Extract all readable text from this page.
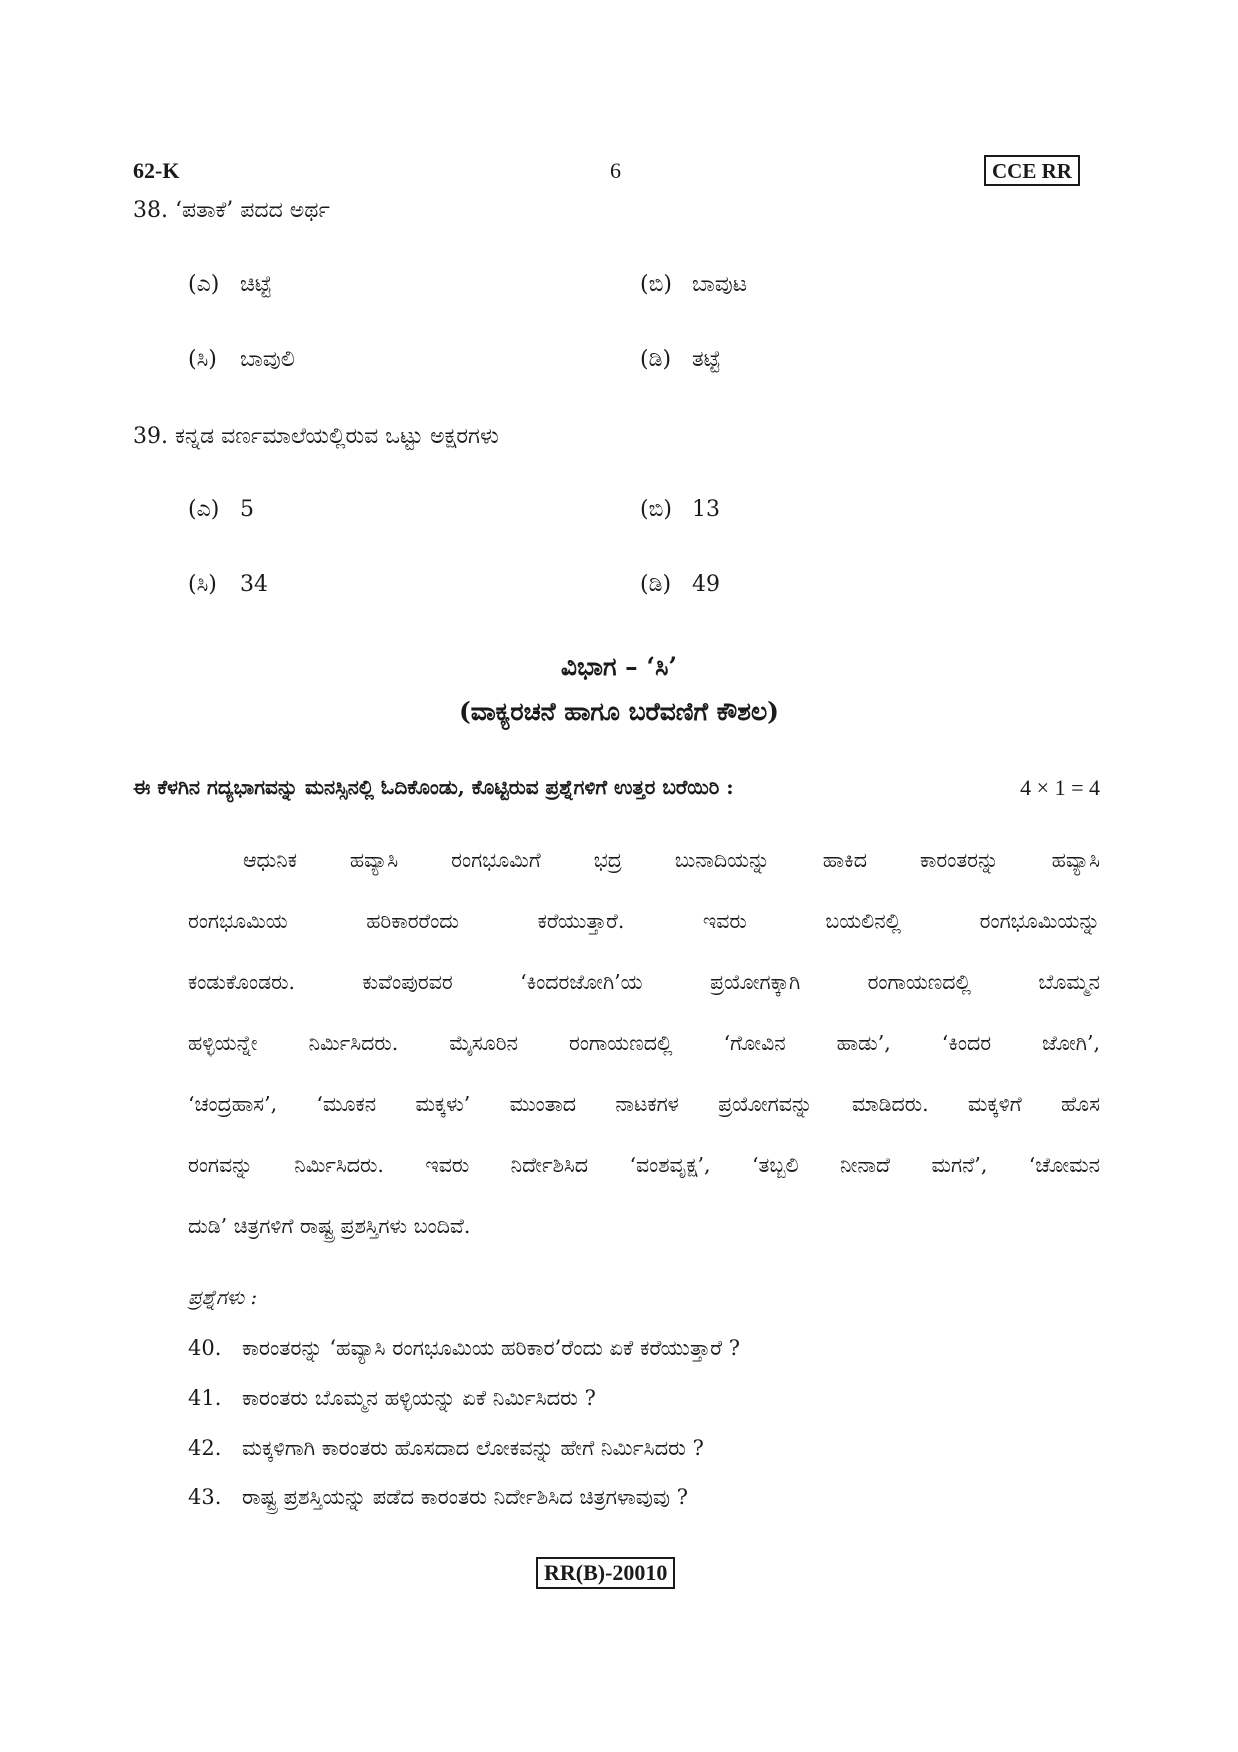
62-K	6	CCE RR
38. ‘ಪತಾಕೆ’ ಪದದ ಅರ್ಥ
(ಎ) ಚಿಟ್ಟೆ	(ಬಿ) ಬಾವುಟ
(ಸಿ) ಬಾವುಲಿ	(ಡಿ) ತಟ್ಟೆ
39. ಕನ್ನಡ ವರ್ಣಮಾಲೆಯಲ್ಲಿರುವ ಒಟ್ಟು ಅಕ್ಷರಗಳು
(ಎ) 5	(ಬಿ) 13
(ಸಿ) 34	(ಡಿ) 49
ವಿಭಾಗ – ‘ಸಿ’
(ವಾಕ್ಯರಚನೆ ಹಾಗೂ ಬರೆವಣಿಗೆ ಕೌಶಲ)
ಈ ಕೆಳಗಿನ ಗದ್ಯಭಾಗವನ್ನು ಮನಸ್ಸಿನಲ್ಲಿ ಓದಿಕೊಂಡು, ಕೊಟ್ಟಿರುವ ಪ್ರಶ್ನೆಗಳಿಗೆ ಉತ್ತರ ಬರೆಯಿರಿ :	4 × 1 = 4
ಆಧುನಿಕ ಹವ್ಯಾಸಿ ರಂಗಭೂಮಿಗೆ ಭದ್ರ ಬುನಾದಿಯನ್ನು ಹಾಕಿದ ಕಾರಂತರನ್ನು ಹವ್ಯಾಸಿ
ರಂಗಭೂಮಿಯ ಹರಿಕಾರರೆಂದು ಕರೆಯುತ್ತಾರೆ. ಇವರು ಬಯಲಿನಲ್ಲಿ ರಂಗಭೂಮಿಯನ್ನು
ಕಂಡುಕೊಂಡರು. ಕುವೆಂಪುರವರ ‘ಕಿಂದರಜೋಗಿ’ಯ ಪ್ರಯೋಗಕ್ಕಾಗಿ ರಂಗಾಯಣದಲ್ಲಿ ಬೊಮ್ಮನ
ಹಳ್ಳಿಯನ್ನೇ ನಿರ್ಮಿಸಿದರು. ಮೈಸೂರಿನ ರಂಗಾಯಣದಲ್ಲಿ ‘ಗೋವಿನ ಹಾಡು’, ‘ಕಿಂದರ ಜೋಗಿ’,
‘ಚಂದ್ರಹಾಸ’, ‘ಮೂಕನ ಮಕ್ಕಳು’ ಮುಂತಾದ ನಾಟಕಗಳ ಪ್ರಯೋಗವನ್ನು ಮಾಡಿದರು. ಮಕ್ಕಳಿಗೆ ಹೊಸ
ರಂಗವನ್ನು ನಿರ್ಮಿಸಿದರು. ಇವರು ನಿರ್ದೇಶಿಸಿದ ‘ವಂಶವೃಕ್ಷ’, ‘ತಬ್ಬಲಿ ನೀನಾದೆ ಮಗನೆ’, ‘ಚೋಮನ
ದುಡಿ’ ಚಿತ್ರಗಳಿಗೆ ರಾಷ್ಟ್ರ ಪ್ರಶಸ್ತಿಗಳು ಬಂದಿವೆ.
ಪ್ರಶ್ನೆಗಳು :
40. ಕಾರಂತರನ್ನು ‘ಹವ್ಯಾಸಿ ರಂಗಭೂಮಿಯ ಹರಿಕಾರ’ರೆಂದು ಏಕೆ ಕರೆಯುತ್ತಾರೆ ?
41. ಕಾರಂತರು ಬೊಮ್ಮನ ಹಳ್ಳಿಯನ್ನು ಏಕೆ ನಿರ್ಮಿಸಿದರು ?
42. ಮಕ್ಕಳಿಗಾಗಿ ಕಾರಂತರು ಹೊಸದಾದ ಲೋಕವನ್ನು ಹೇಗೆ ನಿರ್ಮಿಸಿದರು ?
43. ರಾಷ್ಟ್ರ ಪ್ರಶಸ್ತಿಯನ್ನು ಪಡೆದ ಕಾರಂತರು ನಿರ್ದೇಶಿಸಿದ ಚಿತ್ರಗಳಾವುವು ?
RR(B)-20010
